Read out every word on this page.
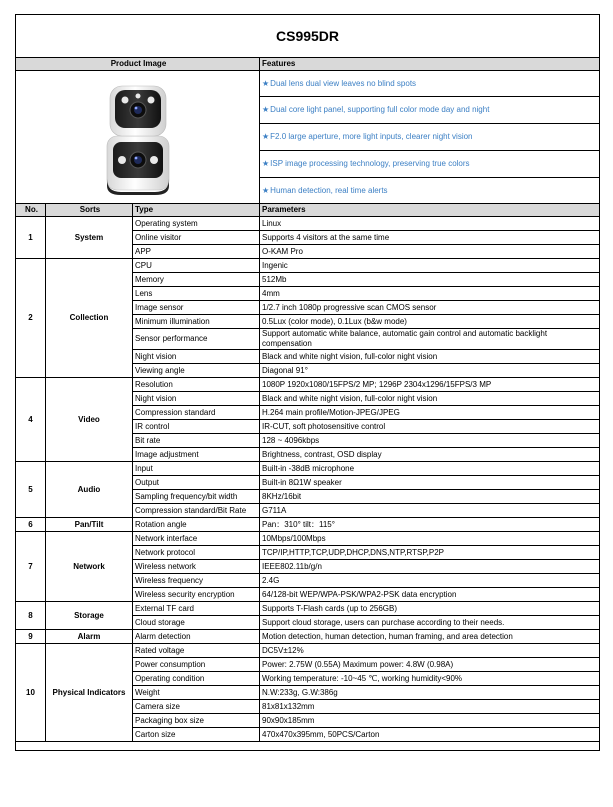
CS995DR			
Product Image			Features
	★Dual lens dual view leaves no blind spots
			★Dual core light panel, supporting full color mode day and night
			★F2.0 large aperture, more light inputs, clearer night vision
			★ISP image processing technology, preserving true colors
			★Human detection, real time alerts
No.	Sorts	Type	Parameters
1	System	Operating system	Linux
		Online visitor	Supports 4 visitors at the same time
		APP	O-KAM Pro
2	Collection	CPU	Ingenic
		Memory	512Mb
		Lens	4mm
		Image sensor	1/2.7 inch 1080p progressive scan CMOS sensor
		Minimum illumination	0.5Lux (color mode), 0.1Lux (b&w mode)
		Sensor performance	Support automatic white balance, automatic gain control and automatic backlight compensation
		Night vision	Black and white night vision, full-color night vision
		Viewing angle	Diagonal 91°
4	Video	Resolution	1080P 1920x1080/15FPS/2 MP; 1296P 2304x1296/15FPS/3 MP
		Night vision	Black and white night vision, full-color night vision
		Compression standard	H.264 main profile/Motion-JPEG/JPEG
		IR control	IR-CUT, soft photosensitive control
		Bit rate	128 ~ 4096kbps
		Image adjustment	Brightness, contrast, OSD display
5	Audio	Input	Built-in -38dB microphone
		Output	Built-in 8Ω1W speaker
		Sampling frequency/bit width	8KHz/16bit
		Compression standard/Bit Rate	G711A
6	Pan/Tilt	Rotation angle	Pan：310° tilt：115°
7	Network	Network interface	10Mbps/100Mbps
		Network protocol	TCP/IP,HTTP,TCP,UDP,DHCP,DNS,NTP,RTSP,P2P
		Wireless network	IEEE802.11b/g/n
		Wireless frequency	2.4G
		Wireless security encryption	64/128-bit WEP/WPA-PSK/WPA2-PSK data encryption
8	Storage	External TF card	Supports T-Flash cards (up to 256GB)
		Cloud storage	Support cloud storage, users can purchase according to their needs.
9	Alarm	Alarm detection	Motion detection, human detection, human framing, and area detection
10	Physical Indicators	Rated voltage	DC5V±12%
		Power consumption	Power: 2.75W (0.55A) Maximum power: 4.8W (0.98A)
		Operating condition	Working temperature: -10~45 ℃, working humidity<90%
		Weight	N.W:233g, G.W:386g
		Camera size	81x81x132mm
		Packaging box size	90x90x185mm
		Carton size	470x470x395mm, 50PCS/Carton
